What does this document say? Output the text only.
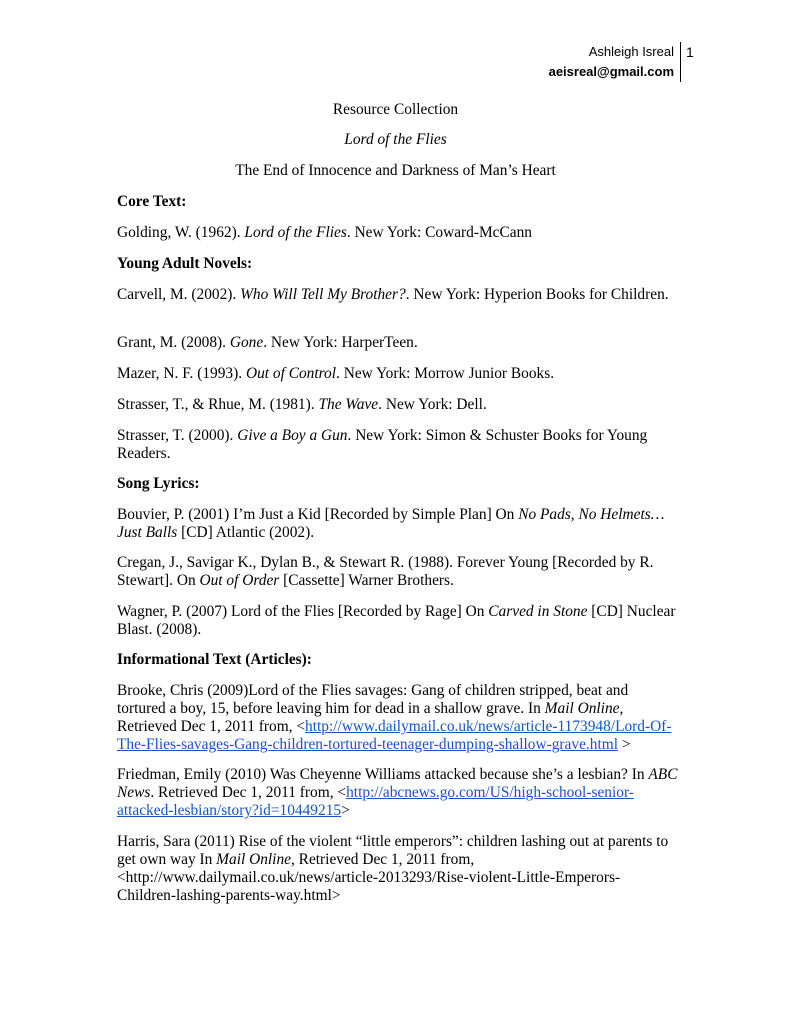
Ashleigh Isreal
aeisreal@gmail.com
1
Resource Collection
Lord of the Flies
The End of Innocence and Darkness of Man’s Heart
Core Text:
Golding, W. (1962). Lord of the Flies. New York: Coward-McCann
Young Adult Novels:
Carvell, M. (2002). Who Will Tell My Brother?. New York: Hyperion Books for Children.
Grant, M. (2008). Gone. New York: HarperTeen.
Mazer, N. F. (1993). Out of Control. New York: Morrow Junior Books.
Strasser, T., & Rhue, M. (1981). The Wave. New York: Dell.
Strasser, T. (2000). Give a Boy a Gun. New York: Simon & Schuster Books for Young Readers.
Song Lyrics:
Bouvier, P. (2001) I’m Just a Kid [Recorded by Simple Plan] On No Pads, No Helmets…Just Balls [CD] Atlantic (2002).
Cregan, J., Savigar K., Dylan B., & Stewart R. (1988). Forever Young [Recorded by R. Stewart]. On Out of Order [Cassette] Warner Brothers.
Wagner, P. (2007) Lord of the Flies [Recorded by Rage] On Carved in Stone [CD] Nuclear Blast. (2008).
Informational Text (Articles):
Brooke, Chris (2009)Lord of the Flies savages: Gang of children stripped, beat and tortured a boy, 15, before leaving him for dead in a shallow grave. In Mail Online, Retrieved Dec 1, 2011 from, <http://www.dailymail.co.uk/news/article-1173948/Lord-Of-The-Flies-savages-Gang-children-tortured-teenager-dumping-shallow-grave.html >
Friedman, Emily (2010) Was Cheyenne Williams attacked because she’s a lesbian? In ABC News. Retrieved Dec 1, 2011 from, <http://abcnews.go.com/US/high-school-senior-attacked-lesbian/story?id=10449215>
Harris, Sara (2011) Rise of the violent “little emperors”: children lashing out at parents to get own way In Mail Online, Retrieved Dec 1, 2011 from, <http://www.dailymail.co.uk/news/article-2013293/Rise-violent-Little-Emperors-Children-lashing-parents-way.html>
